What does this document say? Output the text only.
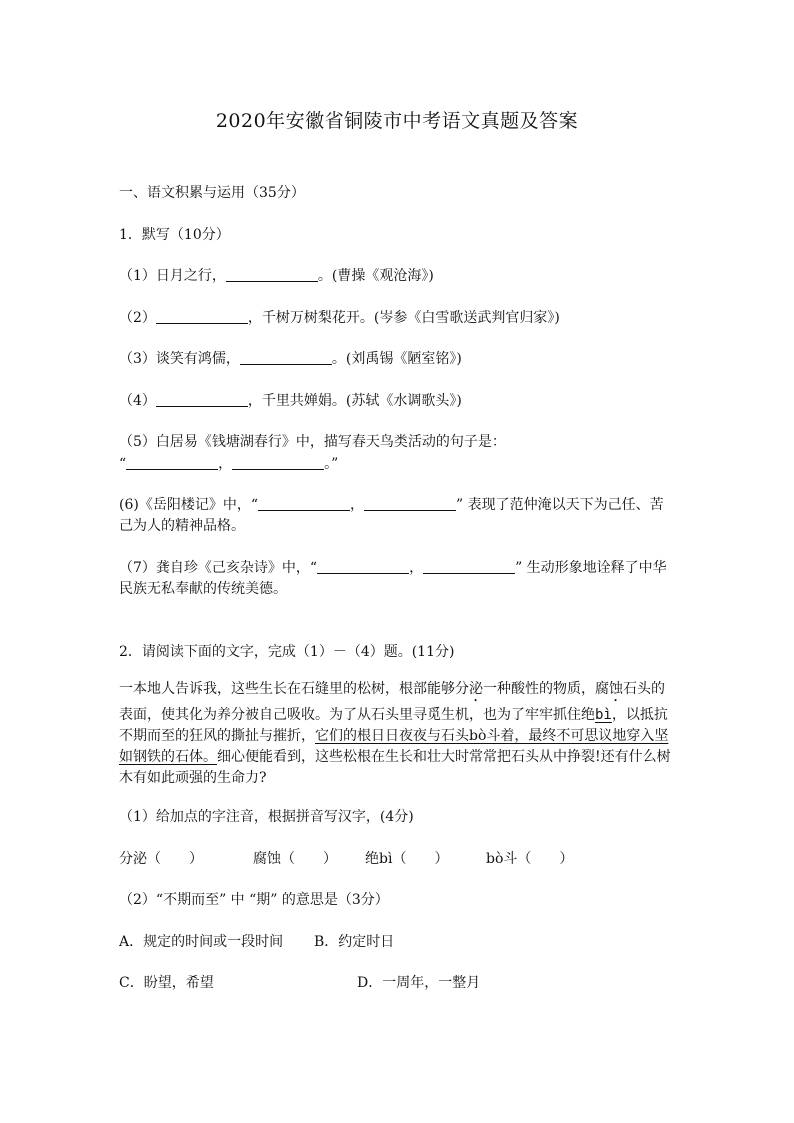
2020年安徽省铜陵市中考语文真题及答案
一、语文积累与运用（35分）
1．默写（10分）
（1）日月之行，	。(曹操《观沧海》)
（2）	，千树万树梨花开。(岑参《白雪歌送武判官归家》)
（3）谈笑有鸿儒，	。(刘禹锡《陋室铭》)
（4）	，千里共婵娟。(苏轼《水调歌头》)
（5）白居易《钱塘湖春行》中，描写春天鸟类活动的句子是：
“	，	。”
(6)《岳阳楼记》中，“	，	” 表现了范仲淹以天下为己任、苦
己为人的精神品格。
（7）龚自珍《己亥杂诗》中，“	，	” 生动形象地诠释了中华
民族无私奉献的传统美德。
2．请阅读下面的文字，完成（1）－（4）题。(11分)
一本地人告诉我，这些生长在石缝里的松树，根部能够分泌一种酸性的物质，腐蚀石头的
表面，使其化为养分被自己吸收。为了从石头里寻觅生机，也为了牢牢抓住绝bì，以抵抗
不期而至的狂风的撕扯与摧折，它们的根日日夜夜与石头bò斗着，最终不可思议地穿入坚
如钢铁的石体。细心便能看到，这些松根在生长和壮大时常常把石头从中挣裂!还有什么树
木有如此顽强的生命力?
（1）给加点的字注音，根据拼音写汉字，(4分)
分泌（　　）	腐蚀（　　） 绝bì（　　）	bò斗（　　）
（2）“不期而至” 中 “期” 的意思是（3分）
A．规定的时间或一段时间 B．约定时日
C．盼望，希望	D．一周年，一整月
